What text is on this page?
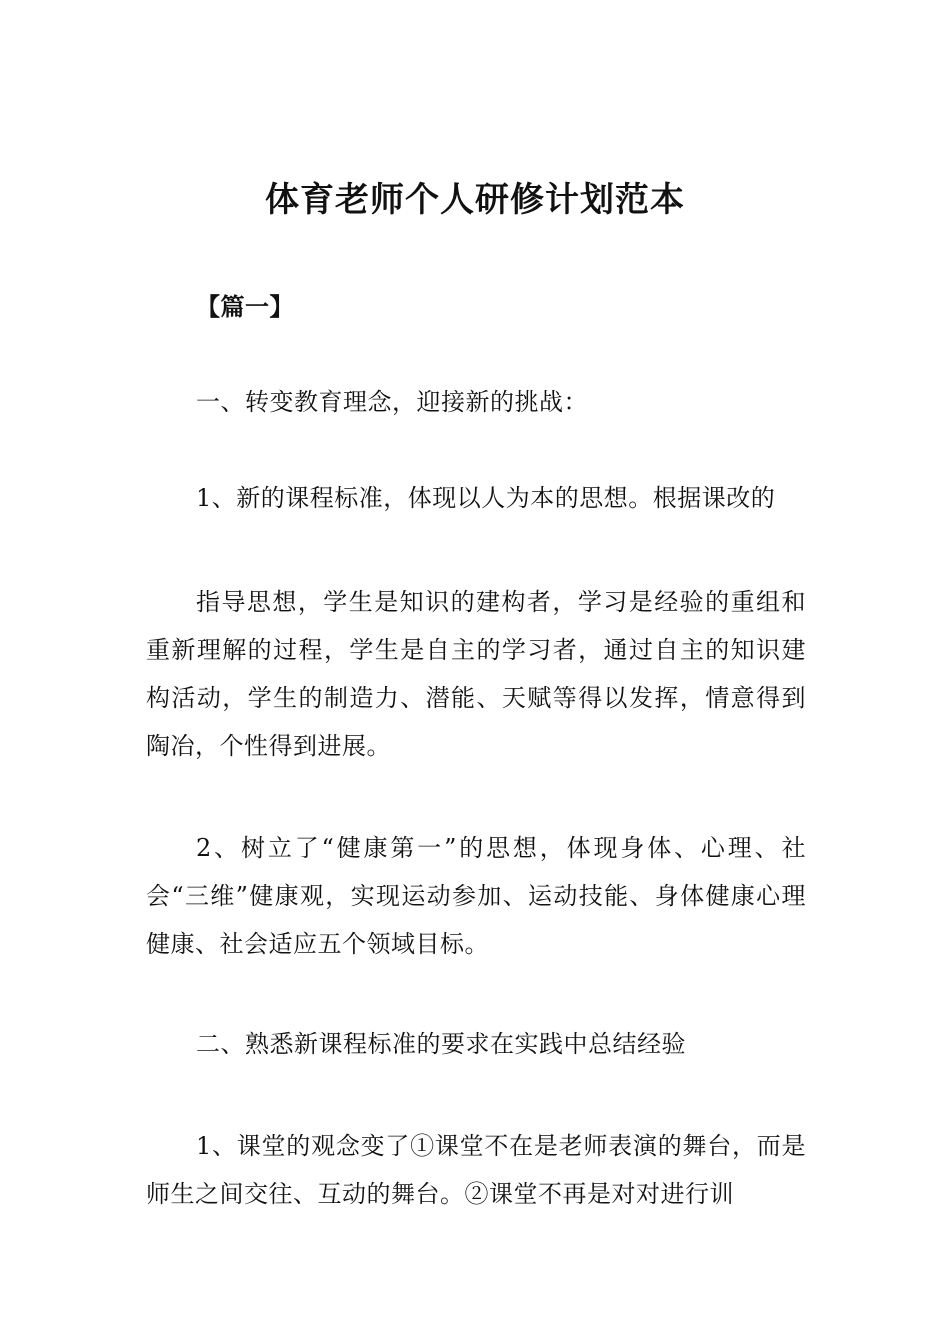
体育老师个人研修计划范本

【篇一】

一、转变教育理念，迎接新的挑战：

1、新的课程标准，体现以人为本的思想。根据课改的

指导思想，学生是知识的建构者，学习是经验的重组和重新理解的过程，学生是自主的学习者，通过自主的知识建构活动，学生的制造力、潜能、天赋等得以发挥，情意得到陶冶，个性得到进展。

2、树立了“健康第一”的思想，体现身体、心理、社会“三维”健康观，实现运动参加、运动技能、身体健康心理健康、社会适应五个领域目标。

二、熟悉新课程标准的要求在实践中总结经验

1、课堂的观念变了①课堂不在是老师表演的舞台，而是师生之间交往、互动的舞台。②课堂不再是对对进行训
